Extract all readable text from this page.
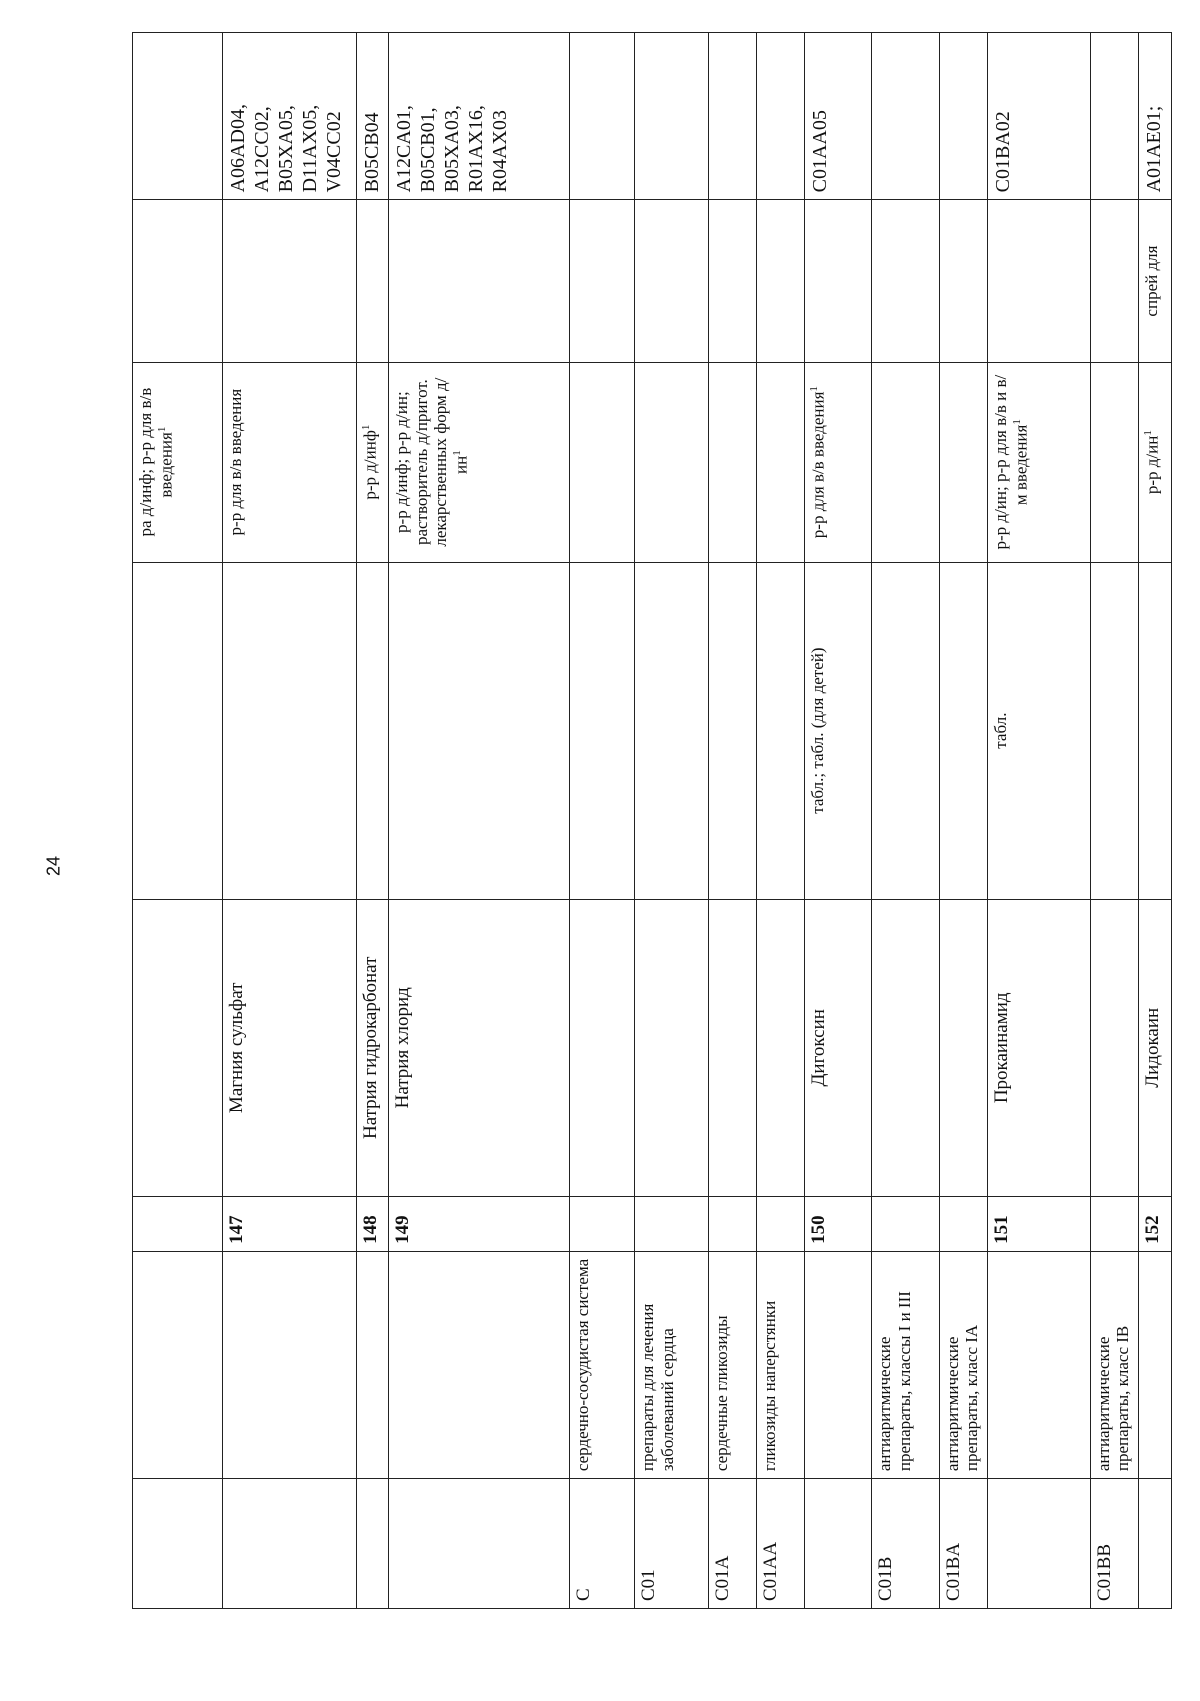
24
					ра д/инф; р-р для в/в введения$^1$		
		147	Магния сульфат		р-р для в/в введения		A06AD04, A12CC02, B05XA05, D11AX05, V04CC02
		148	Натрия гидрокарбонат		р-р д/инф$^1$		B05CB04
		149	Натрия хлорид		р-р д/инф; р-р д/ин; растворитель д/пригот. лекарственных форм $д/ин^1$		A12CA01, B05CB01, B05XA03, R01AX16, R04AX03
C	сердечно-сосудистая система						
C01	препараты для лечения заболеваний сердца						
C01A	сердечные гликозиды						
C01AA	гликозиды наперстянки						
		150	Дигоксин	табл.; табл. (для детей)	р-р для в/в введения$^1$		C01AA05
C01B	антиаритмические препараты, классы I и III						
C01BA	антиаритмические препараты, класс IA						
		151	Прокаинамид	табл.	р-р д/ин; р-р для в/в и в/м введения$^1$		C01BA02
C01BB	антиаритмические препараты, класс IB						
		152	Лидокаин		р-р $д/ин^1$	спрей для	A01AE01;
